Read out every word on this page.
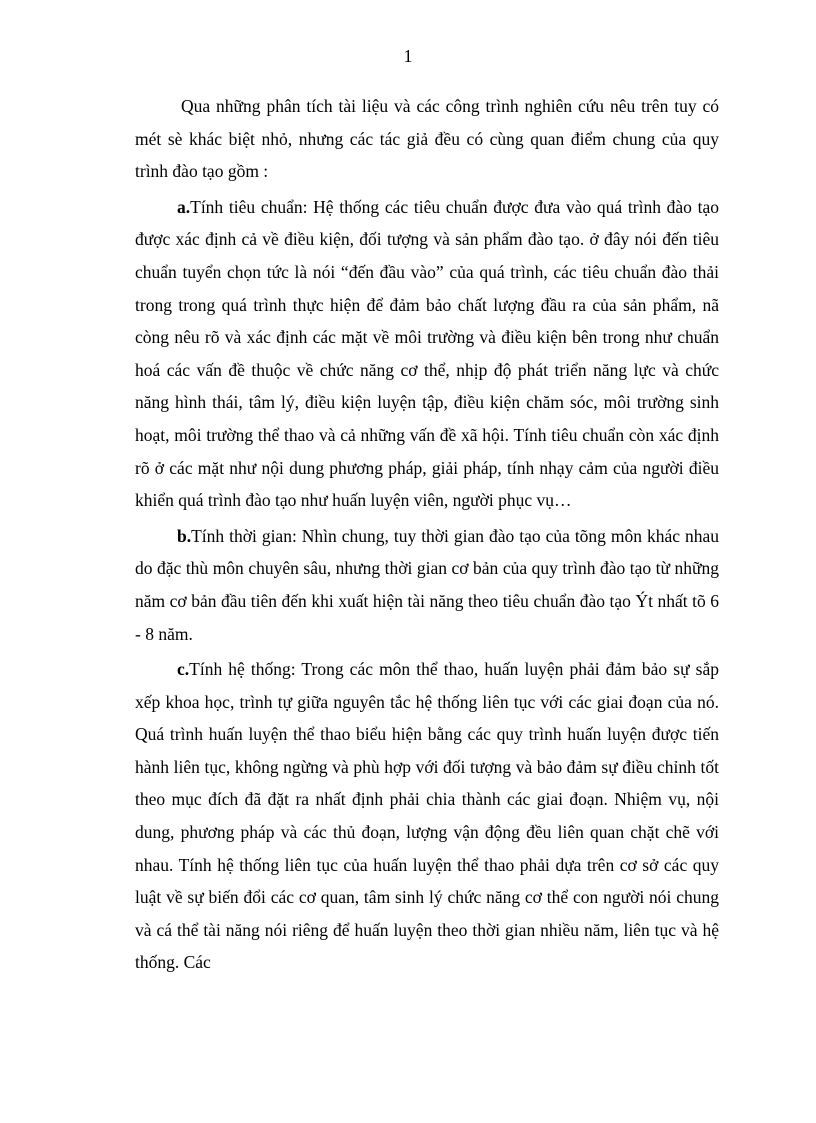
1

Qua những phân tích tài liệu và các công trình nghiên cứu nêu trên tuy có mét sè khác biệt nhỏ, nhưng các tác giả đều có cùng quan điểm chung của quy trình đào tạo gồm :

a.Tính tiêu chuẩn: Hệ thống các tiêu chuẩn được đưa vào quá trình đào tạo được xác định cả về điều kiện, đối tượng và sản phẩm đào tạo. ở đây nói đến tiêu chuẩn tuyển chọn tức là nói “đến đầu vào” của quá trình, các tiêu chuẩn đào thải trong trong quá trình thực hiện để đảm bảo chất lượng đầu ra của sản phẩm, nã còng nêu rõ và xác định các mặt về môi trường và điều kiện bên trong như chuẩn hoá các vấn đề thuộc về chức năng cơ thể, nhịp độ phát triển năng lực và chức năng hình thái, tâm lý, điều kiện luyện tập, điều kiện chăm sóc, môi trường sinh hoạt, môi trường thể thao và cả những vấn đề xã hội. Tính tiêu chuẩn còn xác định rõ ở các mặt như nội dung phương pháp, giải pháp, tính nhạy cảm của người điều khiển quá trình đào tạo như huấn luyện viên, người phục vụ…

b.Tính thời gian: Nhìn chung, tuy thời gian đào tạo của tõng môn khác nhau do đặc thù môn chuyên sâu, nhưng thời gian cơ bản của quy trình đào tạo từ những năm cơ bản đầu tiên đến khi xuất hiện tài năng theo tiêu chuẩn đào tạo Ýt nhất tõ 6 - 8 năm.

c.Tính hệ thống: Trong các môn thể thao, huấn luyện phải đảm bảo sự sắp xếp khoa học, trình tự giữa nguyên tắc hệ thống liên tục với các giai đoạn của nó. Quá trình huấn luyện thể thao biểu hiện bằng các quy trình huấn luyện được tiến hành liên tục, không ngừng và phù hợp với đối tượng và bảo đảm sự điều chỉnh tốt theo mục đích đã đặt ra nhất định phải chia thành các giai đoạn. Nhiệm vụ, nội dung, phương pháp và các thủ đoạn, lượng vận động đều liên quan chặt chẽ với nhau. Tính hệ thống liên tục của huấn luyện thể thao phải dựa trên cơ sở các quy luật về sự biến đổi các cơ quan, tâm sinh lý chức năng cơ thể con người nói chung và cá thể tài năng nói riêng để huấn luyện theo thời gian nhiều năm, liên tục và hệ thống. Các
